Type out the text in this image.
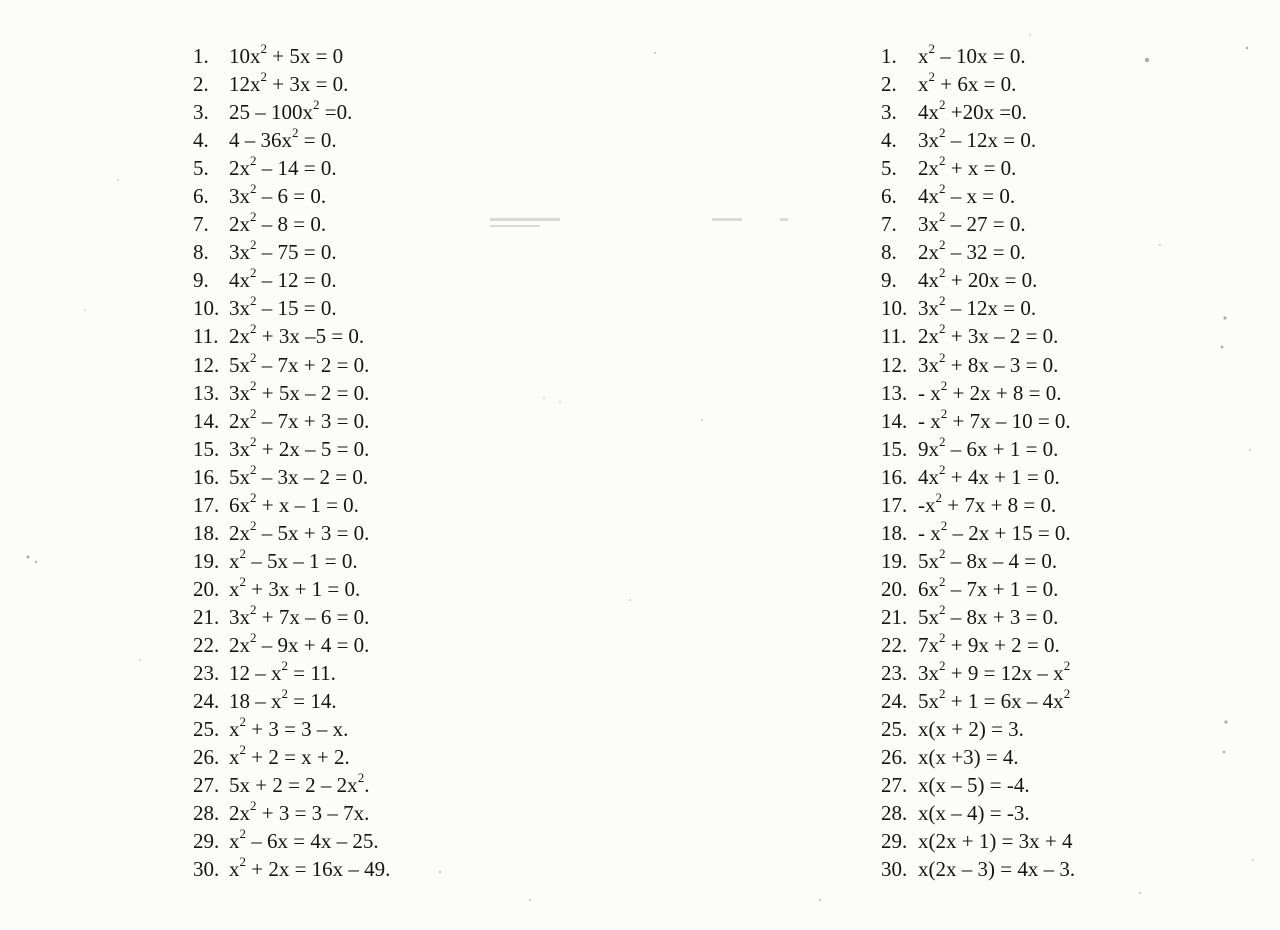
1. $10x^2 + 5x = 0$
2. $12x^2 + 3x = 0$.
3. $25 - 100x^2 =0$.
4. $4 - 36x^2 = 0$.
5. $2x^2 - 14 = 0$.
6. $3x^2 - 6 = 0$.
7. $2x^2 - 8 = 0$.
8. $3x^2 - 75 = 0$.
9. $4x^2 - 12 = 0$.
10. $3x^2 - 15 = 0$.
11. $2x^2 + 3x$ –5 = 0.
12. $5x^2 - 7x + 2 = 0$.
13. $3x^2 + 5x - 2 = 0$.
14. $2x^2 - 7x + 3 = 0$.
15. $3x^2 + 2x - 5 = 0$.
16. $5x^2 - 3x - 2 = 0$.
17. $6x^2 + x - 1 = 0$.
18. $2x^2 - 5x + 3 = 0$.
19. $x^2 - 5x - 1 = 0$.
20. $x^2 + 3x + 1 = 0$.
21. $3x^2 + 7x - 6 = 0$.
22. $2x^2 - 9x + 4 = 0$.
23. $12 - x^2 = 11$.
24. $18 - x^2 = 14$.
25. $x^2 + 3 = 3 - x$.
26. $x^2 + 2 = x + 2$.
27. $5x + 2 = 2 - 2x^2$.
28. $2x^2 + 3 = 3 - 7x$.
29. $x^2 - 6x = 4x - 25$.
30. $x^2 + 2x = 16x - 49$.
1.	$x^2 - 10x = 0$.
2.	$x^2 + 6x = 0$.
3.	$4x^2 +20x =0$.
4.	$3x^2 - 12x = 0$.
5.	$2x^2 + x = 0$.
6.	$4x^2 - x = 0$.
7.	$3x^2 - 27 = 0$.
8.	$2x^2 - 32 = 0$.
9.	$4x^2 + 20x = 0$.
10. $3x^2 - 12x = 0$.
11. $2x^2 + 3x - 2 = 0$.
12. $3x^2 + 8x - 3 = 0$.
13. - $x^2 + 2x + 8 = 0$.
14. - $x^2 + 7x - 10 = 0$.
15. $9x^2 - 6x + 1 = 0$.
16. $4x^2 + 4x + 1 = 0$.
17. $-x^2 + 7x + 8 = 0$.
18. - $x^2 - 2x + 15 = 0$.
19. $5x^2 - 8x - 4 = 0$.
20. $6x^2 - 7x + 1 = 0$.
21. $5x^2 - 8x + 3 = 0$.
22. $7x^2 + 9x + 2 = 0$.
23. $3x^2 + 9 = 12x - x^2$
24. $5x^2 + 1 = 6x - 4x^2$
25. x(x + 2) = 3.
26. x(x +3) = 4.
27. x(x – 5) = -4.
28. x(x – 4) = -3.
29. x(2x + 1) = 3x + 4
30. x(2x – 3) = 4x – 3.
